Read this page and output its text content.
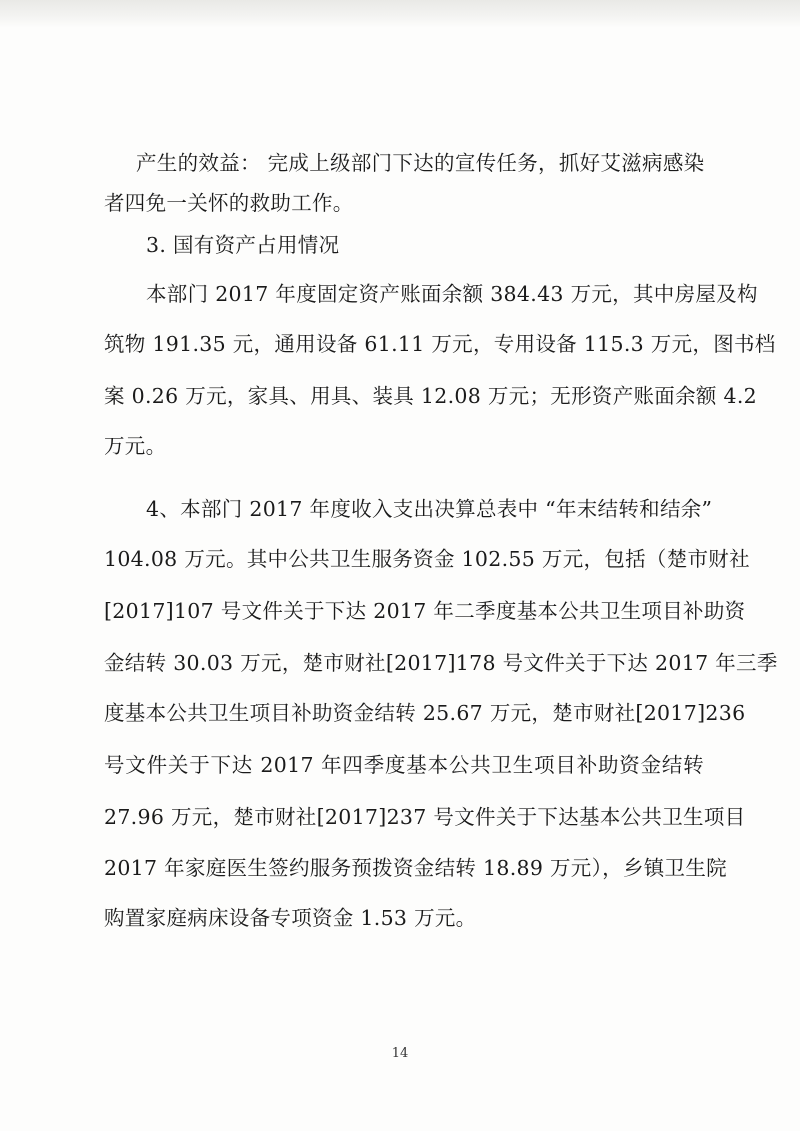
产生的效益： 完成上级部门下达的宣传任务，抓好艾滋病感染
者四免一关怀的救助工作。
3. 国有资产占用情况
本部门 2017 年度固定资产账面余额 384.43 万元，其中房屋及构
筑物 191.35 元，通用设备 61.11 万元，专用设备 115.3 万元，图书档
案 0.26 万元，家具、用具、装具 12.08 万元；无形资产账面余额 4.2
万元。
4、本部门 2017 年度收入支出决算总表中 “年末结转和结余”
104.08 万元。其中公共卫生服务资金 102.55 万元，包括（楚市财社
[2017]107 号文件关于下达 2017 年二季度基本公共卫生项目补助资
金结转 30.03 万元，楚市财社[2017]178 号文件关于下达 2017 年三季
度基本公共卫生项目补助资金结转 25.67 万元，楚市财社[2017]236
号文件关于下达 2017 年四季度基本公共卫生项目补助资金结转
27.96 万元，楚市财社[2017]237 号文件关于下达基本公共卫生项目
2017 年家庭医生签约服务预拨资金结转 18.89 万元），乡镇卫生院
购置家庭病床设备专项资金 1.53 万元。
14
